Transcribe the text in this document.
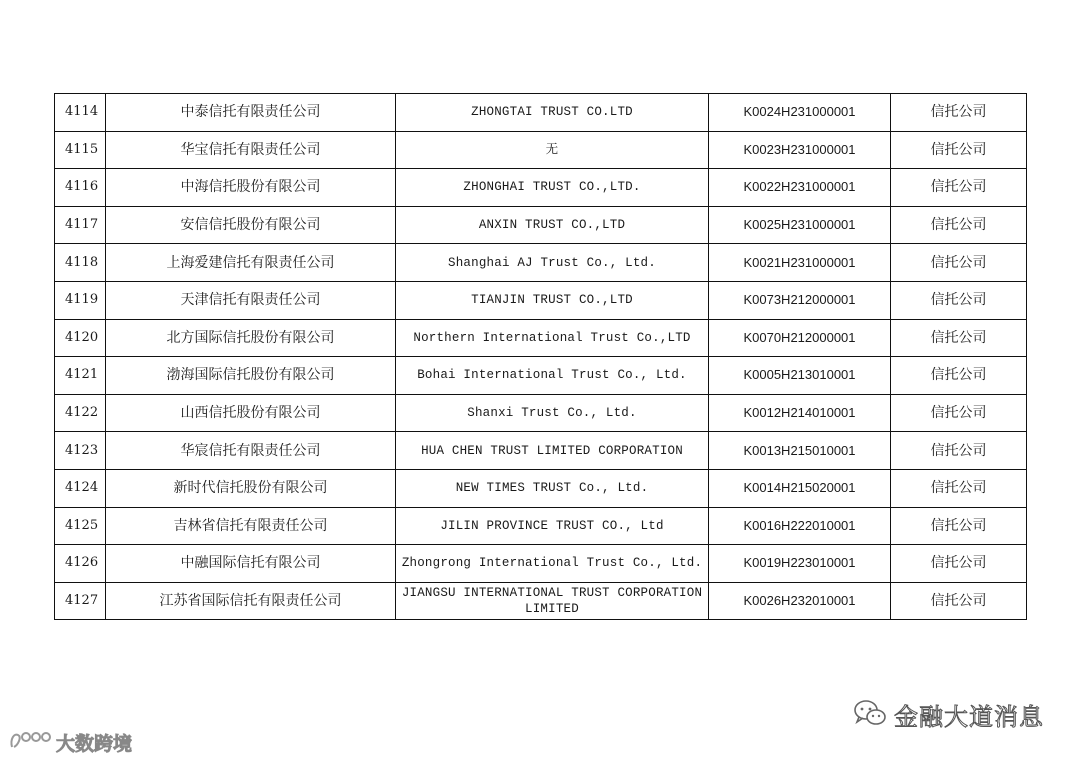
4114	中泰信托有限责任公司	ZHONGTAI TRUST CO.LTD	K0024H231000001	信托公司
4115	华宝信托有限责任公司	无	K0023H231000001	信托公司
4116	中海信托股份有限公司	ZHONGHAI TRUST CO.,LTD.	K0022H231000001	信托公司
4117	安信信托股份有限公司	ANXIN TRUST CO.,LTD	K0025H231000001	信托公司
4118	上海爱建信托有限责任公司	Shanghai AJ Trust Co., Ltd.	K0021H231000001	信托公司
4119	天津信托有限责任公司	TIANJIN TRUST CO.,LTD	K0073H212000001	信托公司
4120	北方国际信托股份有限公司	Northern International Trust Co.,LTD	K0070H212000001	信托公司
4121	渤海国际信托股份有限公司	Bohai International Trust Co., Ltd.	K0005H213010001	信托公司
4122	山西信托股份有限公司	Shanxi Trust Co., Ltd.	K0012H214010001	信托公司
4123	华宸信托有限责任公司	HUA CHEN TRUST LIMITED CORPORATION	K0013H215010001	信托公司
4124	新时代信托股份有限公司	NEW TIMES TRUST Co., Ltd.	K0014H215020001	信托公司
4125	吉林省信托有限责任公司	JILIN PROVINCE TRUST CO., Ltd	K0016H222010001	信托公司
4126	中融国际信托有限公司	Zhongrong International Trust Co., Ltd.	K0019H223010001	信托公司
4127	江苏省国际信托有限责任公司	JIANGSU INTERNATIONAL TRUST CORPORATION LIMITED	K0026H232010001	信托公司
金融大道消息
大数跨境
